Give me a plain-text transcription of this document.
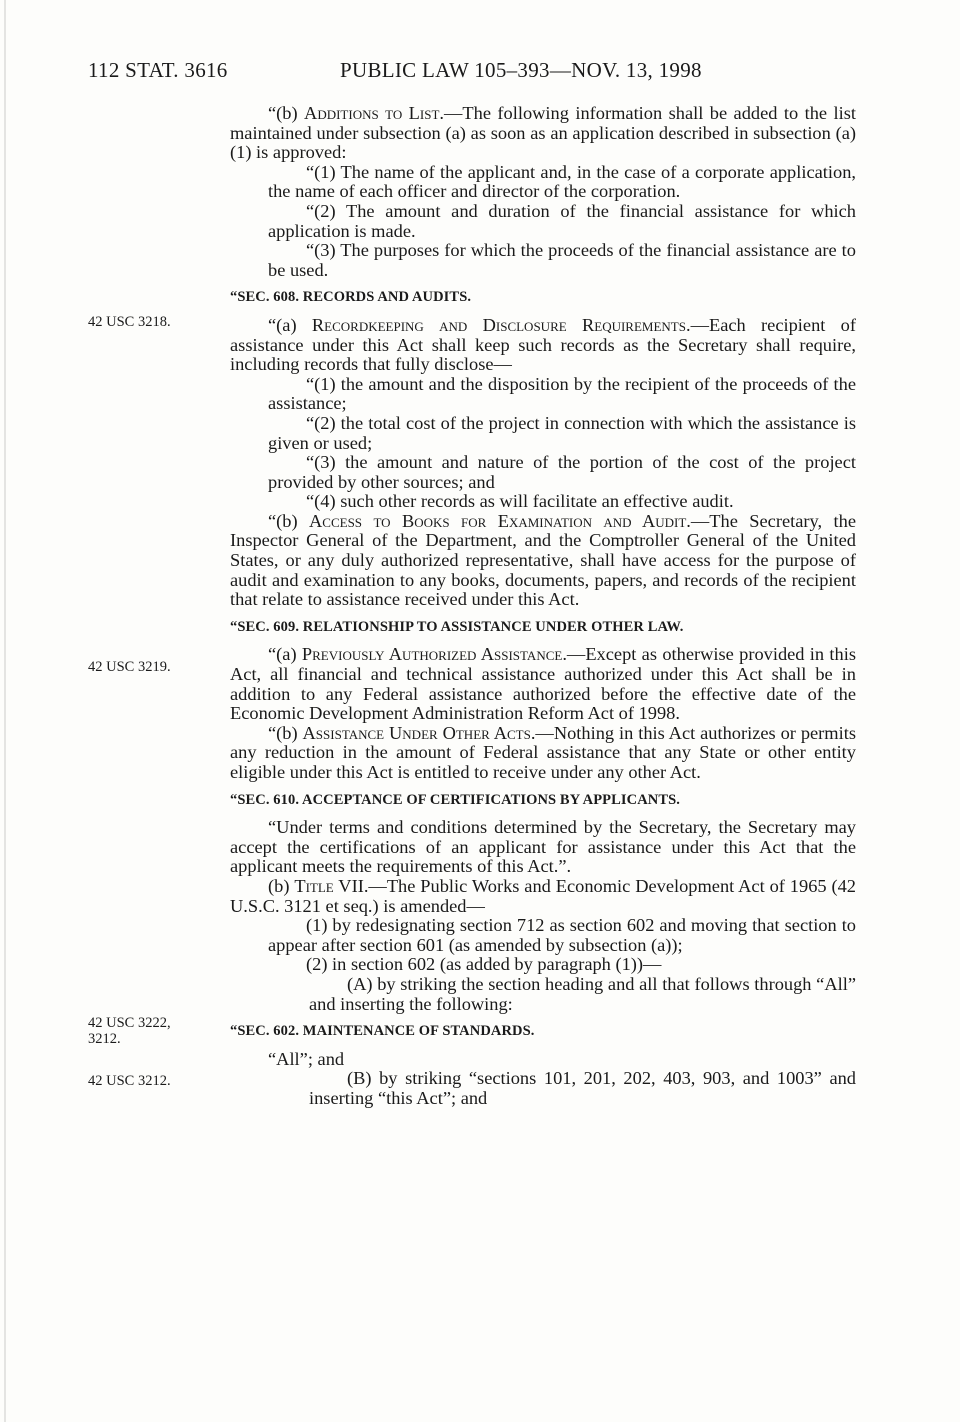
112 STAT. 3616	PUBLIC LAW 105–393—NOV. 13, 1998
42 USC 3218.
42 USC 3219.
42 USC 3222,
3212.
42 USC 3212.

“(b) Additions to List.—The following information shall be added to the list maintained under subsection (a) as soon as an application described in subsection (a)(1) is approved:

“(1) The name of the applicant and, in the case of a corporate application, the name of each officer and director of the corporation.

“(2) The amount and duration of the financial assistance for which application is made.

“(3) The purposes for which the proceeds of the financial assistance are to be used.

“SEC. 608. RECORDS AND AUDITS.

“(a) Recordkeeping and Disclosure Requirements.—Each recipient of assistance under this Act shall keep such records as the Secretary shall require, including records that fully disclose—

“(1) the amount and the disposition by the recipient of the proceeds of the assistance;

“(2) the total cost of the project in connection with which the assistance is given or used;

“(3) the amount and nature of the portion of the cost of the project provided by other sources; and

“(4) such other records as will facilitate an effective audit.

“(b) Access to Books for Examination and Audit.—The Secretary, the Inspector General of the Department, and the Comptroller General of the United States, or any duly authorized representative, shall have access for the purpose of audit and examination to any books, documents, papers, and records of the recipient that relate to assistance received under this Act.

“SEC. 609. RELATIONSHIP TO ASSISTANCE UNDER OTHER LAW.

“(a) Previously Authorized Assistance.—Except as otherwise provided in this Act, all financial and technical assistance authorized under this Act shall be in addition to any Federal assistance authorized before the effective date of the Economic Development Administration Reform Act of 1998.

“(b) Assistance Under Other Acts.—Nothing in this Act authorizes or permits any reduction in the amount of Federal assistance that any State or other entity eligible under this Act is entitled to receive under any other Act.

“SEC. 610. ACCEPTANCE OF CERTIFICATIONS BY APPLICANTS.

“Under terms and conditions determined by the Secretary, the Secretary may accept the certifications of an applicant for assistance under this Act that the applicant meets the requirements of this Act.”.

(b) Title VII.—The Public Works and Economic Development Act of 1965 (42 U.S.C. 3121 et seq.) is amended—

(1) by redesignating section 712 as section 602 and moving that section to appear after section 601 (as amended by subsection (a));

(2) in section 602 (as added by paragraph (1))—

(A) by striking the section heading and all that follows through “All” and inserting the following:

“SEC. 602. MAINTENANCE OF STANDARDS.

“All”; and

(B) by striking “sections 101, 201, 202, 403, 903, and 1003” and inserting “this Act”; and
